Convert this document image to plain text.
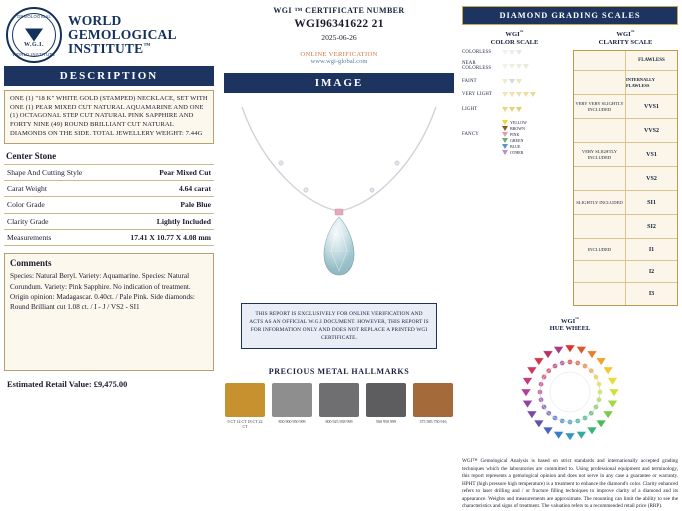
GEMOLOGICAL
W.G.I.
WORLD INSTITUTE
WORLD
GEMOLOGICAL
INSTITUTE™
DESCRIPTION
ONE (1) "18 K" WHITE GOLD (STAMPED) NECKLACE, SET WITH ONE (1) PEAR MIXED CUT NATURAL AQUAMARINE AND ONE (1) OCTAGONAL STEP CUT NATURAL PINK SAPPHIRE AND FORTY NINE (49) ROUND BRILLIANT CUT NATURAL DIAMONDS ON THE SIDE. TOTAL JEWELLERY WEIGHT: 7.44G
Center Stone
Shape And Cutting Style	Pear Mixed Cut
Carat Weight	4.64 carat
Color Grade	Pale Blue
Clarity Grade	Lightly Included
Measurements	17.41 X 10.77 X 4.08 mm
Comments

Species: Natural Beryl. Variety: Aquamarine. Species: Natural Corundum. Variety: Pink Sapphire. No indication of treatment. Origin opinion: Madagascar. 0.40ct. / Pale Pink. Side diamonds: Round Brilliant cut 1.08 ct. / I - J / VS2 - SI1

Estimated Retail Value: £9,475.00
WGI ™ CERTIFICATE NUMBER
WGI96341622 21
2025-06-26
ONLINE VERIFICATION
www.wgi-global.com
IMAGE
THIS REPORT IS EXCLUSIVELY FOR ONLINE VERIFICATION AND ACTS AS AN OFFICIAL W.G.I DOCUMENT. HOWEVER, THIS REPORT IS FOR INFORMATION ONLY AND DOES NOT REPLACE A PRINTED WGI CERTIFICATE.
PRECIOUS METAL HALLMARKS
9 CT 14 CT 18 CT 22 CT
850 900 950 999	800 925 958 999	500 950 999	375 585 750 916
DIAMOND GRADING SCALES
WGI™
COLOR SCALE
COLORLESS
NEAR COLORLESS
FAINT
VERY LIGHT
LIGHT
FANCY
YELLOW
BROWN
PINK
GREEN
BLUE
OTHER
WGI™
CLARITY SCALE
FLAWLESS
INTERNALLY FLAWLESS
VERY VERY SLIGHTLY INCLUDED	VVS1
VVS2
VERY SLIGHTLY INCLUDED	VS1
VS2
SLIGHTLY INCLUDED	SI1
SI2
INCLUDED	I1
I2
I3
WGI™
HUE WHEEL
WGI™ Gemological Analysis is based on strict standards and internationally accepted grading techniques which the laboratories are committed to. Using professional equipment and terminology, this report represents a gemological opinion and does not serve in any case a guarantee or warranty. HPHT (high pressure high temperature) is a treatment to enhance the diamond's color. Clarity enhanced refers to laser drilling and / or fracture filling techniques to improve clarity of a diamond and its appearance. Weights and measurements are approximate. The mounting can limit the ability to see the characteristics and signs of treatment. The valuation refers to a recommended retail price (RRP).
